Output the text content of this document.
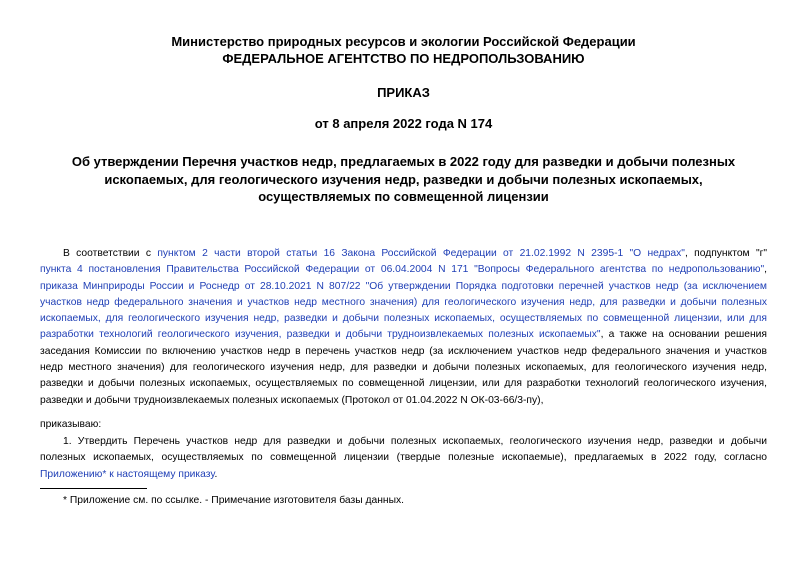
Министерство природных ресурсов и экологии Российской Федерации
ФЕДЕРАЛЬНОЕ АГЕНТСТВО ПО НЕДРОПОЛЬЗОВАНИЮ
ПРИКАЗ
от 8 апреля 2022 года N 174
Об утверждении Перечня участков недр, предлагаемых в 2022 году для разведки и добычи полезных
ископаемых, для геологического изучения недр, разведки и добычи полезных ископаемых,
осуществляемых по совмещенной лицензии
В соответствии с пунктом 2 части второй статьи 16 Закона Российской Федерации от 21.02.1992 N 2395-1 "О недрах", подпунктом "г"
пункта 4 постановления Правительства Российской Федерации от 06.04.2004 N 171 "Вопросы Федерального агентства по недропользованию",
приказа Минприроды России и Роснедр от 28.10.2021 N 807/22 "Об утверждении Порядка подготовки перечней участков недр (за исключением
участков недр федерального значения и участков недр местного значения) для геологического изучения недр, для разведки и добычи полезных
ископаемых, для геологического изучения недр, разведки и добычи полезных ископаемых, осуществляемых по совмещенной лицензии, или для
разработки технологий геологического изучения, разведки и добычи трудноизвлекаемых полезных ископаемых", а также на основании решения
заседания Комиссии по включению участков недр в перечень участков недр (за исключением участков недр федерального значения и участков
недр местного значения) для геологического изучения недр, для разведки и добычи полезных ископаемых, для геологического изучения недр,
разведки и добычи полезных ископаемых, осуществляемых по совмещенной лицензии, или для разработки технологий геологического изучения,
разведки и добычи трудноизвлекаемых полезных ископаемых (Протокол от 01.04.2022 N ОК-03-66/3-пу),
приказываю:
1. Утвердить Перечень участков недр для разведки и добычи полезных ископаемых, геологического изучения недр, разведки и добычи
полезных ископаемых, осуществляемых по совмещенной лицензии (твердые полезные ископаемые), предлагаемых в 2022 году, согласно
Приложению* к настоящему приказу.
* Приложение см. по ссылке. - Примечание изготовителя базы данных.
